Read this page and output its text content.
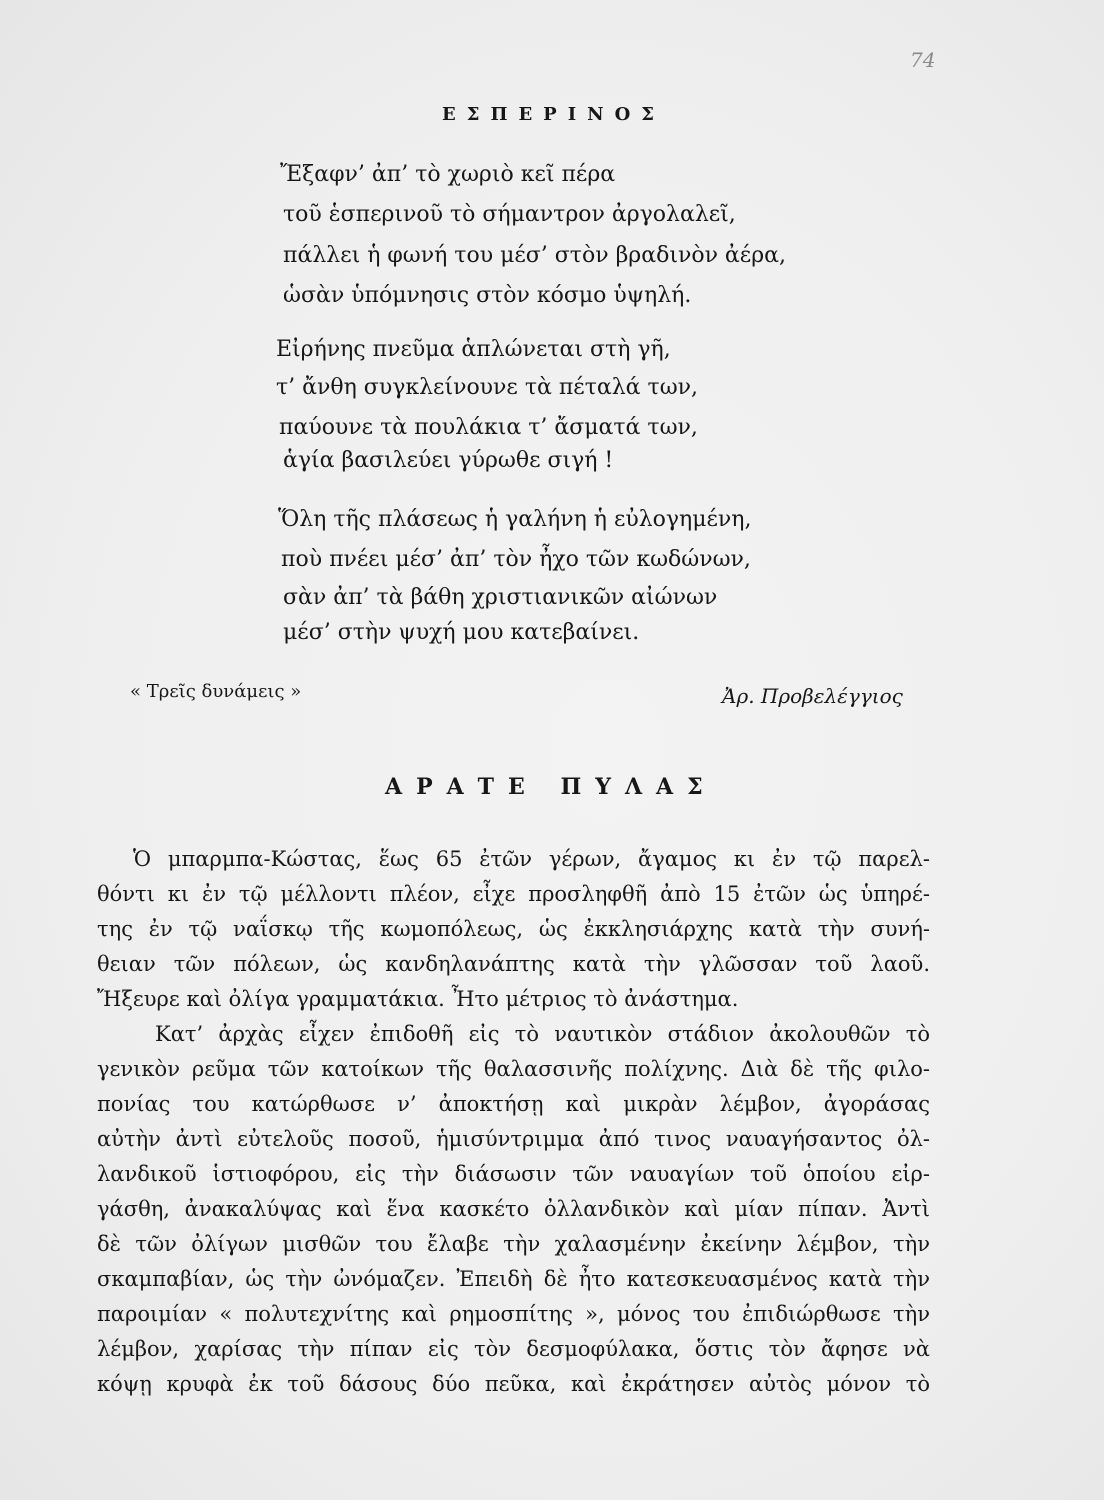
74
ΕΣΠΕΡΙΝΟΣ
Ἔξαφν’ ἀπ’ τὸ χωριὸ κεῖ πέρα
τοῦ ἑσπερινοῦ τὸ σήμαντρον ἀργολαλεῖ,
πάλλει ἡ φωνή του μέσ’ στὸν βραδινὸν ἀέρα,
ὡσὰν ὑπόμνησις στὸν κόσμο ὑψηλή.
Εἰρήνης πνεῦμα ἁπλώνεται στὴ γῆ,
τ’ ἄνθη συγκλείνουνε τὰ πέταλά των,
παύουνε τὰ πουλάκια τ’ ἄσματά των,
ἁγία βασιλεύει γύρωθε σιγή !
Ὅλη τῆς πλάσεως ἡ γαλήνη ἡ εὐλογημένη,
ποὺ πνέει μέσ’ ἀπ’ τὸν ἦχο τῶν κωδώνων,
σὰν ἀπ’ τὰ βάθη χριστιανικῶν αἰώνων
μέσ’ στὴν ψυχή μου κατεβαίνει.
« Τρεῖς δυνάμεις »	Ἀρ. Προβελέγγιος
ΑΡΑΤΕ ΠΥΛΑΣ
Ὁ μπαρμπα-Κώστας, ἕως 65 ἐτῶν γέρων, ἄγαμος κι ἐν τῷ παρελ-
θόντι κι ἐν τῷ μέλλοντι πλέον, εἶχε προσληφθῆ ἀπὸ 15 ἐτῶν ὡς ὑπηρέ-
της ἐν τῷ ναΐσκῳ τῆς κωμοπόλεως, ὡς ἐκκλησιάρχης κατὰ τὴν συνή-
θειαν τῶν πόλεων, ὡς κανδηλανάπτης κατὰ τὴν γλῶσσαν τοῦ λαοῦ.
Ἤξευρε καὶ ὀλίγα γραμματάκια. Ἦτο μέτριος τὸ ἀνάστημα.
Κατ’ ἀρχὰς εἶχεν ἐπιδοθῆ εἰς τὸ ναυτικὸν στάδιον ἀκολουθῶν τὸ
γενικὸν ρεῦμα τῶν κατοίκων τῆς θαλασσινῆς πολίχνης. Διὰ δὲ τῆς φιλο-
πονίας του κατώρθωσε ν’ ἀποκτήσῃ καὶ μικρὰν λέμβον, ἀγοράσας
αὐτὴν ἀντὶ εὐτελοῦς ποσοῦ, ἡμισύντριμμα ἀπό τινος ναυαγήσαντος ὀλ-
λανδικοῦ ἱστιοφόρου, εἰς τὴν διάσωσιν τῶν ναυαγίων τοῦ ὁποίου εἰρ-
γάσθη, ἀνακαλύψας καὶ ἕνα κασκέτο ὀλλανδικὸν καὶ μίαν πίπαν. Ἀντὶ
δὲ τῶν ὀλίγων μισθῶν του ἔλαβε τὴν χαλασμένην ἐκείνην λέμβον, τὴν
σκαμπαβίαν, ὡς τὴν ὠνόμαζεν. Ἐπειδὴ δὲ ἦτο κατεσκευασμένος κατὰ τὴν
παροιμίαν « πολυτεχνίτης καὶ ρημοσπίτης », μόνος του ἐπιδιώρθωσε τὴν
λέμβον, χαρίσας τὴν πίπαν εἰς τὸν δεσμοφύλακα, ὅστις τὸν ἄφησε νὰ
κόψῃ κρυφὰ ἐκ τοῦ δάσους δύο πεῦκα, καὶ ἐκράτησεν αὐτὸς μόνον τὸ
